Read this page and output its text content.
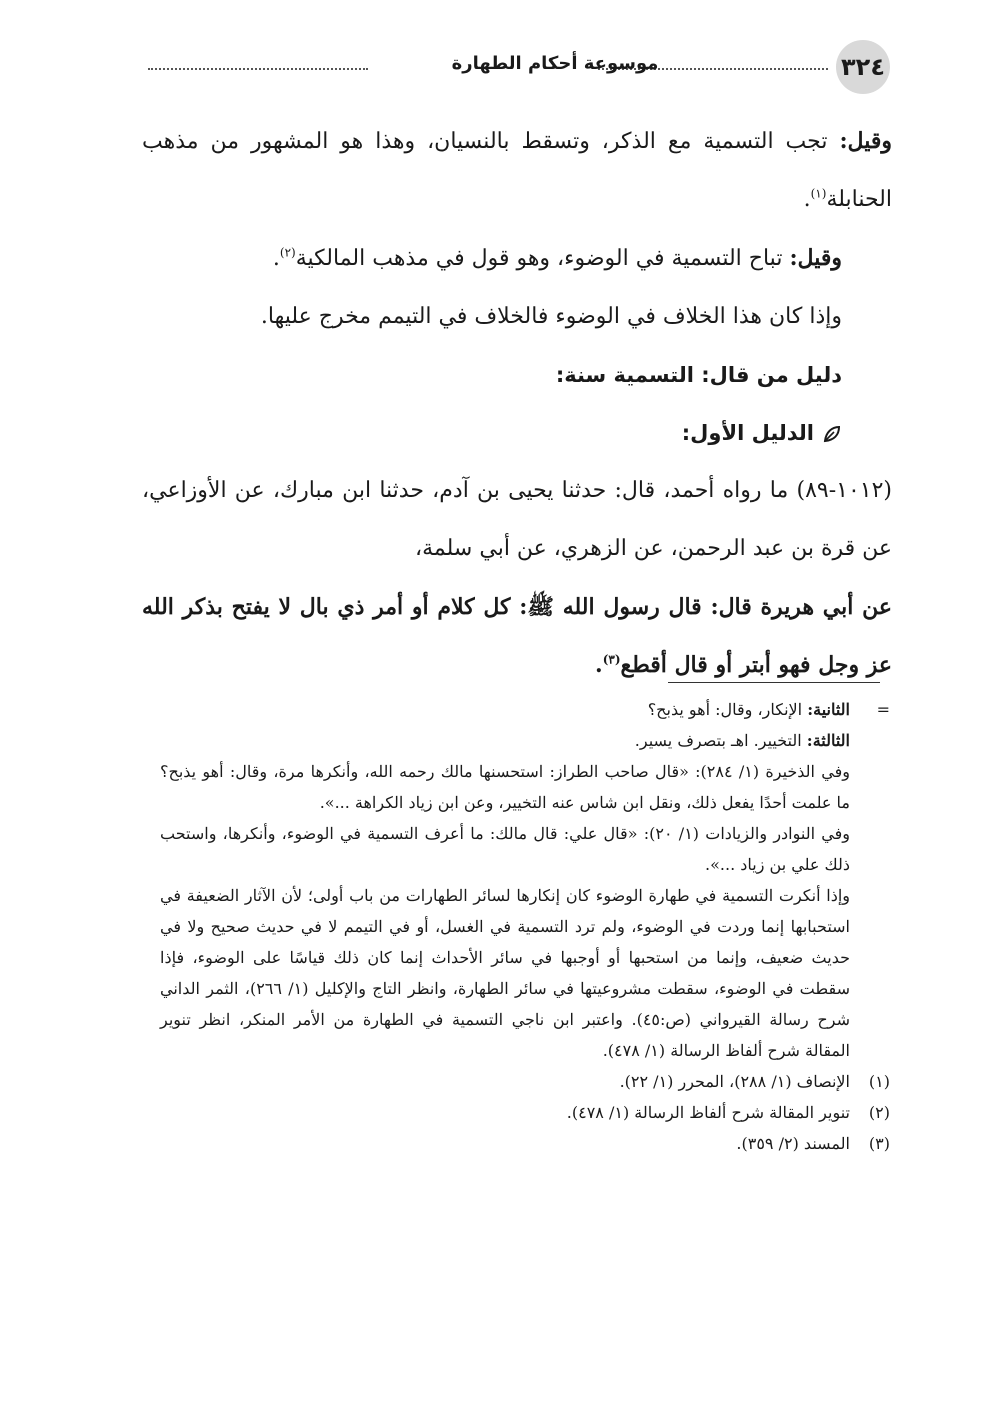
٣٢٤
موسوعة أحكام الطهارة

وقيل: تجب التسمية مع الذكر، وتسقط بالنسيان، وهذا هو المشهور من مذهب الحنابلة$^{(١)}$.

وقيل: تباح التسمية في الوضوء، وهو قول في مذهب المالكية$^{(٢)}$.

وإذا كان هذا الخلاف في الوضوء فالخلاف في التيمم مخرج عليها.

دليل من قال: التسمية سنة:

الدليل الأول:

(١٠١٢-٨٩) ما رواه أحمد، قال: حدثنا يحيى بن آدم، حدثنا ابن مبارك، عن الأوزاعي، عن قرة بن عبد الرحمن، عن الزهري، عن أبي سلمة،

عن أبي هريرة قال: قال رسول الله ﷺ: كل كلام أو أمر ذي بال لا يفتح بذكر الله عز وجل فهو أبتر أو قال أقطع$^{(٣)}$.

=الثانية: الإنكار، وقال: أهو يذبح؟

الثالثة: التخيير. اهـ بتصرف يسير.

وفي الذخيرة (١/ ٢٨٤): «قال صاحب الطراز: استحسنها مالك رحمه الله، وأنكرها مرة، وقال: أهو يذبح؟ ما علمت أحدًا يفعل ذلك، ونقل ابن شاس عنه التخيير، وعن ابن زياد الكراهة ...».

وفي النوادر والزيادات (١/ ٢٠): «قال علي: قال مالك: ما أعرف التسمية في الوضوء، وأنكرها، واستحب ذلك علي بن زياد ...».

وإذا أنكرت التسمية في طهارة الوضوء كان إنكارها لسائر الطهارات من باب أولى؛ لأن الآثار الضعيفة في استحبابها إنما وردت في الوضوء، ولم ترد التسمية في الغسل، أو في التيمم لا في حديث صحيح ولا في حديث ضعيف، وإنما من استحبها أو أوجبها في سائر الأحداث إنما كان ذلك قياسًا على الوضوء، فإذا سقطت في الوضوء، سقطت مشروعيتها في سائر الطهارة، وانظر التاج والإكليل (١/ ٢٦٦)، الثمر الداني شرح رسالة القيرواني (ص:٤٥). واعتبر ابن ناجي التسمية في الطهارة من الأمر المنكر، انظر تنوير المقالة شرح ألفاظ الرسالة (١/ ٤٧٨).

(١)الإنصاف (١/ ٢٨٨)، المحرر (١/ ٢٢).
(٢)تنوير المقالة شرح ألفاظ الرسالة (١/ ٤٧٨).
(٣)المسند (٢/ ٣٥٩).
